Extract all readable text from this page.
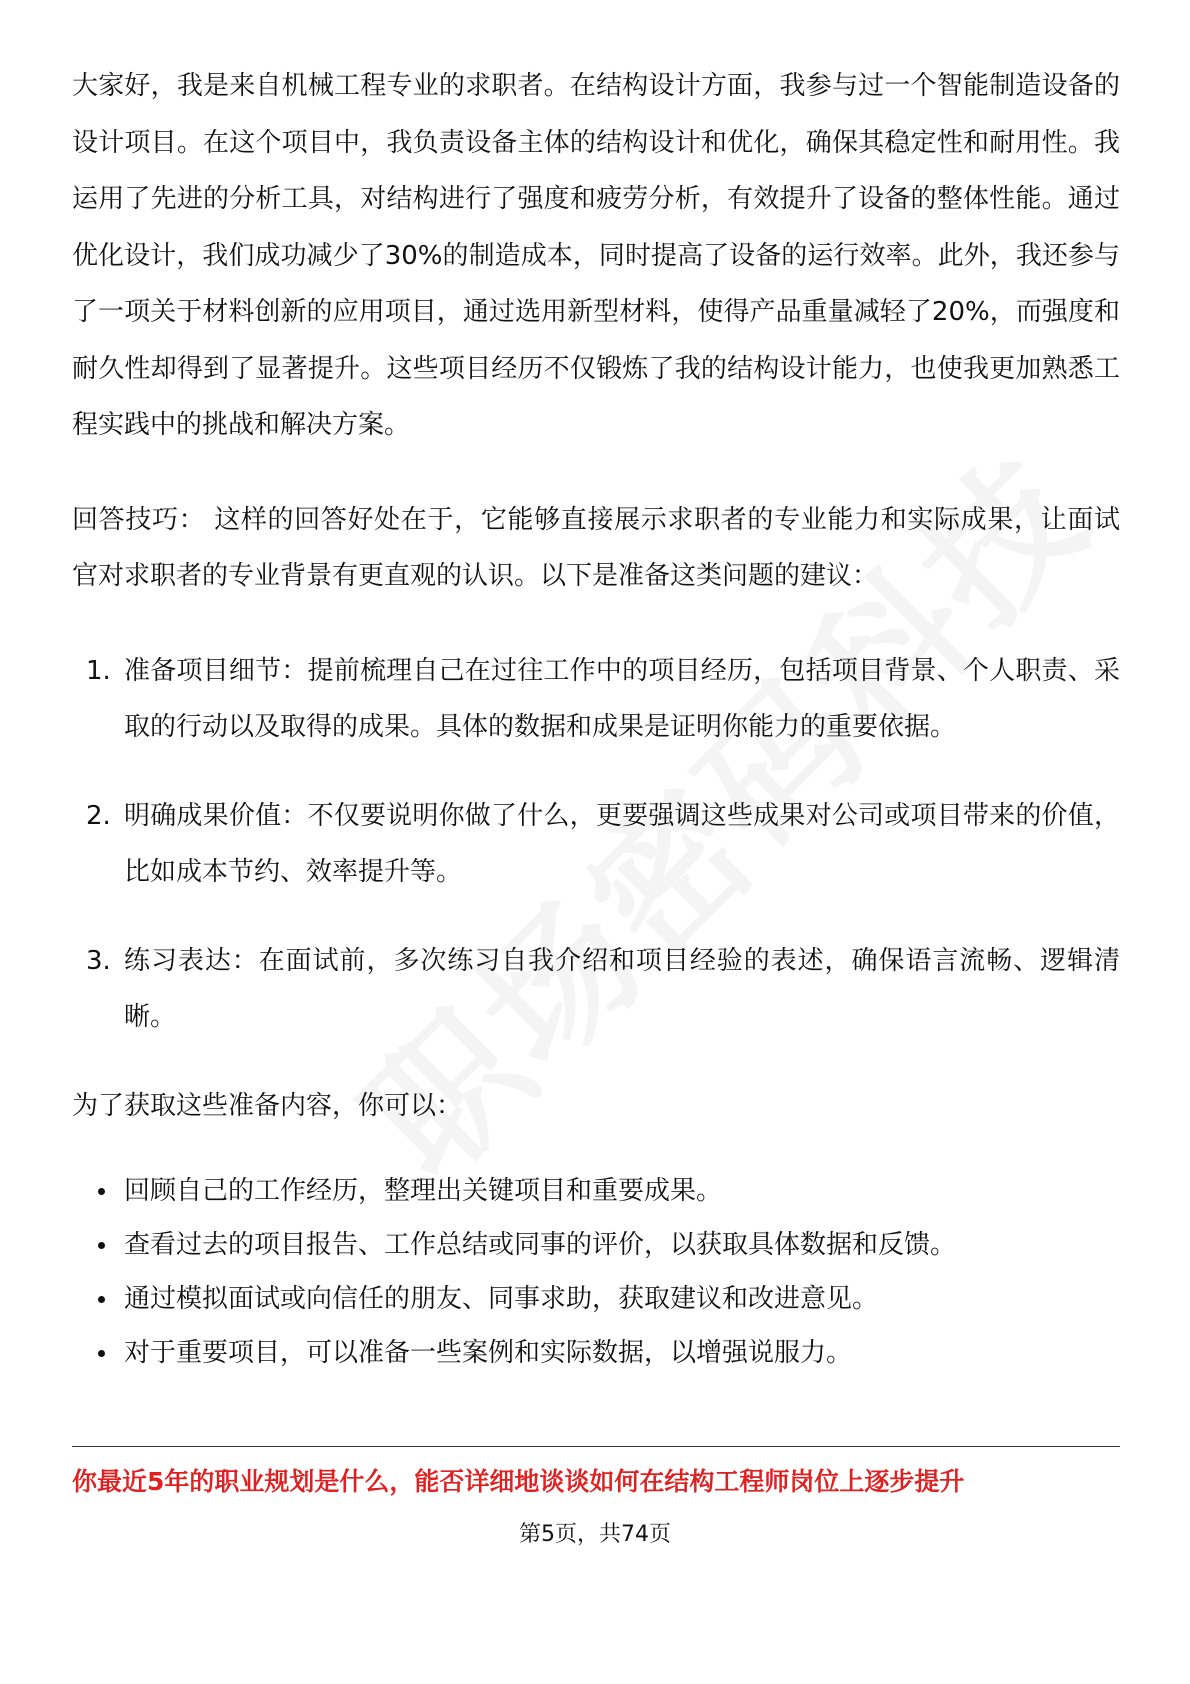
大家好，我是来自机械工程专业的求职者。在结构设计方面，我参与过一个智能制造设备的设计项目。在这个项目中，我负责设备主体的结构设计和优化，确保其稳定性和耐用性。我运用了先进的分析工具，对结构进行了强度和疲劳分析，有效提升了设备的整体性能。通过优化设计，我们成功减少了30%的制造成本，同时提高了设备的运行效率。此外，我还参与了一项关于材料创新的应用项目，通过选用新型材料，使得产品重量减轻了20%，而强度和耐久性却得到了显著提升。这些项目经历不仅锻炼了我的结构设计能力，也使我更加熟悉工程实践中的挑战和解决方案。

回答技巧： 这样的回答好处在于，它能够直接展示求职者的专业能力和实际成果，让面试官对求职者的专业背景有更直观的认识。以下是准备这类问题的建议：

1. 准备项目细节：提前梳理自己在过往工作中的项目经历，包括项目背景、个人职责、采取的行动以及取得的成果。具体的数据和成果是证明你能力的重要依据。
2. 明确成果价值：不仅要说明你做了什么，更要强调这些成果对公司或项目带来的价值，比如成本节约、效率提升等。
3. 练习表达：在面试前，多次练习自我介绍和项目经验的表述，确保语言流畅、逻辑清晰。

为了获取这些准备内容，你可以：

回顾自己的工作经历，整理出关键项目和重要成果。
查看过去的项目报告、工作总结或同事的评价，以获取具体数据和反馈。
通过模拟面试或向信任的朋友、同事求助，获取建议和改进意见。
对于重要项目，可以准备一些案例和实际数据，以增强说服力。
你最近5年的职业规划是什么，能否详细地谈谈如何在结构工程师岗位上逐步提升
第5页，共74页
